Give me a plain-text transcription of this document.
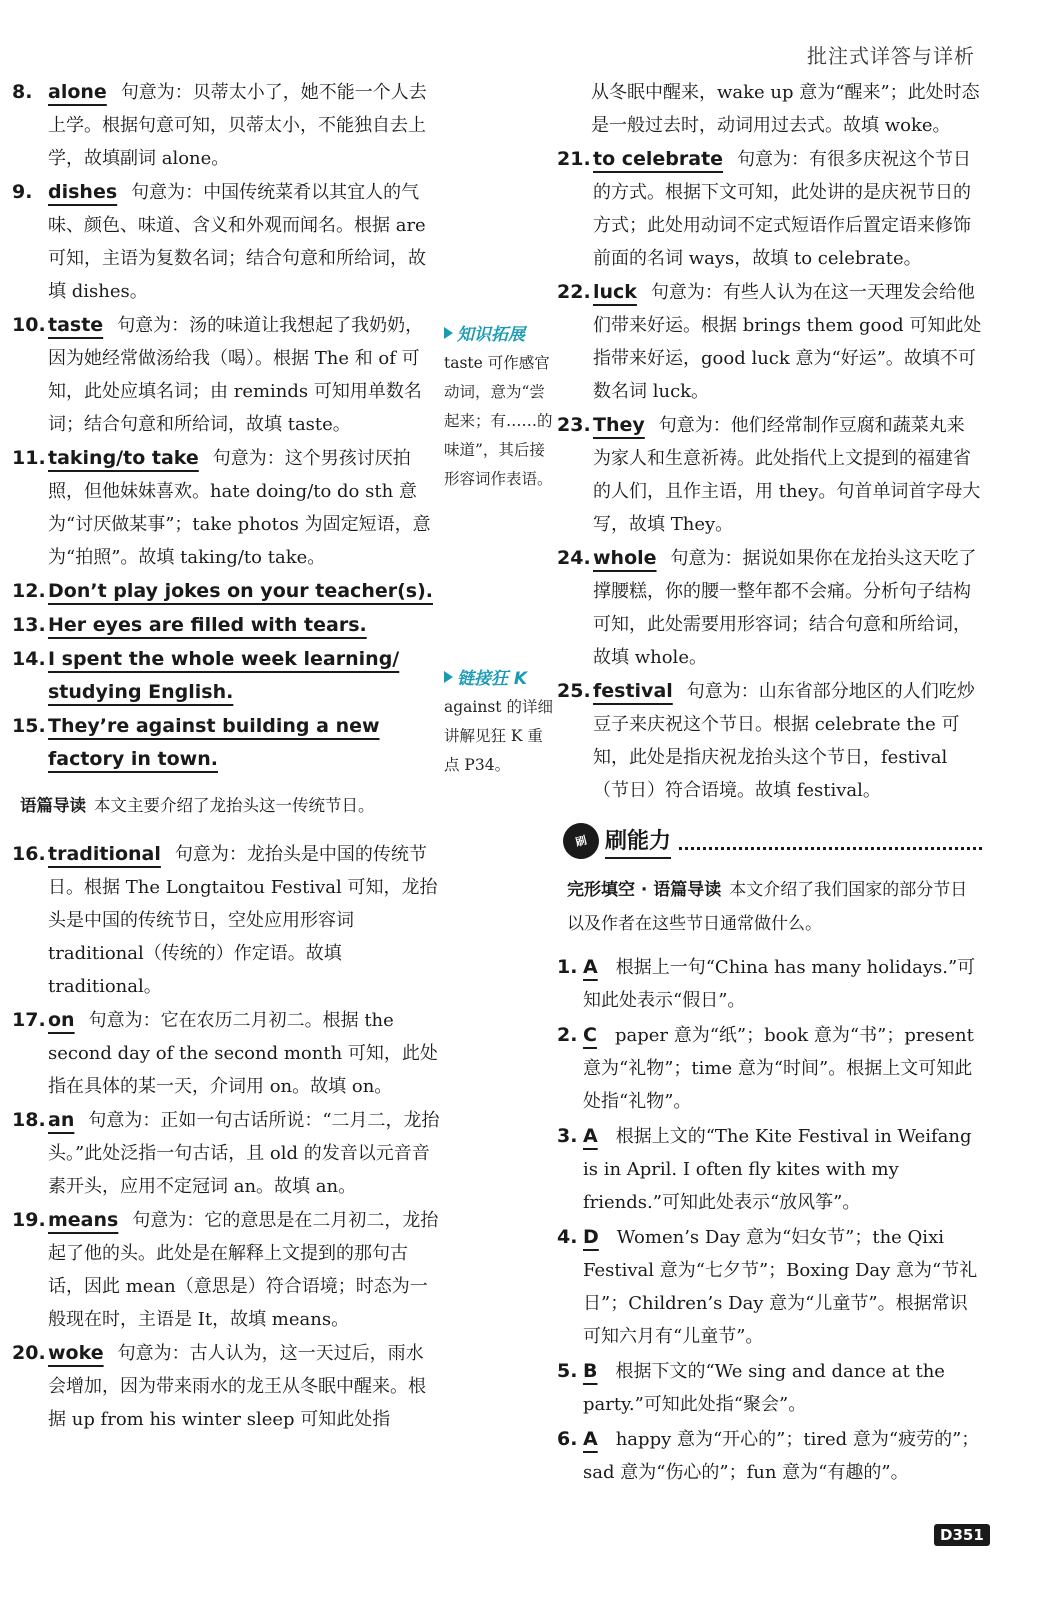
批注式详答与详析
8. alone 句意为：贝蒂太小了，她不能一个人去上学。根据句意可知，贝蒂太小，不能独自去上学，故填副词 alone。
9. dishes 句意为：中国传统菜肴以其宜人的气味、颜色、味道、含义和外观而闻名。根据 are 可知，主语为复数名词；结合句意和所给词，故填 dishes。
10. taste 句意为：汤的味道让我想起了我奶奶，因为她经常做汤给我（喝）。根据 The 和 of 可知，此处应填名词；由 reminds 可知用单数名词；结合句意和所给词，故填 taste。
11. taking/to take 句意为：这个男孩讨厌拍照，但他妹妹喜欢。hate doing/to do sth 意为“讨厌做某事”；take photos 为固定短语，意为“拍照”。故填 taking/to take。
12. Don’t play jokes on your teacher(s).
13. Her eyes are filled with tears.
14. I spent the whole week learning/ studying English.
15. They’re against building a new factory in town.
语篇导读 本文主要介绍了龙抬头这一传统节日。
16. traditional 句意为：龙抬头是中国的传统节日。根据 The Longtaitou Festival 可知，龙抬头是中国的传统节日，空处应用形容词 traditional（传统的）作定语。故填 traditional。
17. on 句意为：它在农历二月初二。根据 the second day of the second month 可知，此处指在具体的某一天，介词用 on。故填 on。
18. an 句意为：正如一句古话所说：“二月二，龙抬头。”此处泛指一句古话，且 old 的发音以元音音素开头，应用不定冠词 an。故填 an。
19. means 句意为：它的意思是在二月初二，龙抬起了他的头。此处是在解释上文提到的那句古话，因此 mean（意思是）符合语境；时态为一般现在时，主语是 It，故填 means。
20. woke 句意为：古人认为，这一天过后，雨水会增加，因为带来雨水的龙王从冬眠中醒来。根据 up from his winter sleep 可知此处指
知识拓展
taste 可作感官动词，意为“尝起来；有……的味道”，其后接形容词作表语。
链接狂 K
against 的详细讲解见狂 K 重点 P34。
从冬眠中醒来，wake up 意为“醒来”；此处时态是一般过去时，动词用过去式。故填 woke。
21. to celebrate 句意为：有很多庆祝这个节日的方式。根据下文可知，此处讲的是庆祝节日的方式；此处用动词不定式短语作后置定语来修饰前面的名词 ways，故填 to celebrate。
22. luck 句意为：有些人认为在这一天理发会给他们带来好运。根据 brings them good 可知此处指带来好运，good luck 意为“好运”。故填不可数名词 luck。
23. They 句意为：他们经常制作豆腐和蔬菜丸来为家人和生意祈祷。此处指代上文提到的福建省的人们，且作主语，用 they。句首单词首字母大写，故填 They。
24. whole 句意为：据说如果你在龙抬头这天吃了撑腰糕，你的腰一整年都不会痛。分析句子结构可知，此处需要用形容词；结合句意和所给词，故填 whole。
25. festival 句意为：山东省部分地区的人们吃炒豆子来庆祝这个节日。根据 celebrate the 可知，此处是指庆祝龙抬头这个节日，festival（节日）符合语境。故填 festival。
刷 刷能力
完形填空 · 语篇导读 本文介绍了我们国家的部分节日以及作者在这些节日通常做什么。
1. A 根据上一句“China has many holidays.”可知此处表示“假日”。
2. C paper 意为“纸”；book 意为“书”；present 意为“礼物”；time 意为“时间”。根据上文可知此处指“礼物”。
3. A 根据上文的“The Kite Festival in Weifang is in April. I often fly kites with my friends.”可知此处表示“放风筝”。
4. D Women’s Day 意为“妇女节”；the Qixi Festival 意为“七夕节”；Boxing Day 意为“节礼日”；Children’s Day 意为“儿童节”。根据常识可知六月有“儿童节”。
5. B 根据下文的“We sing and dance at the party.”可知此处指“聚会”。
6. A happy 意为“开心的”；tired 意为“疲劳的”；sad 意为“伤心的”；fun 意为“有趣的”。
D351
